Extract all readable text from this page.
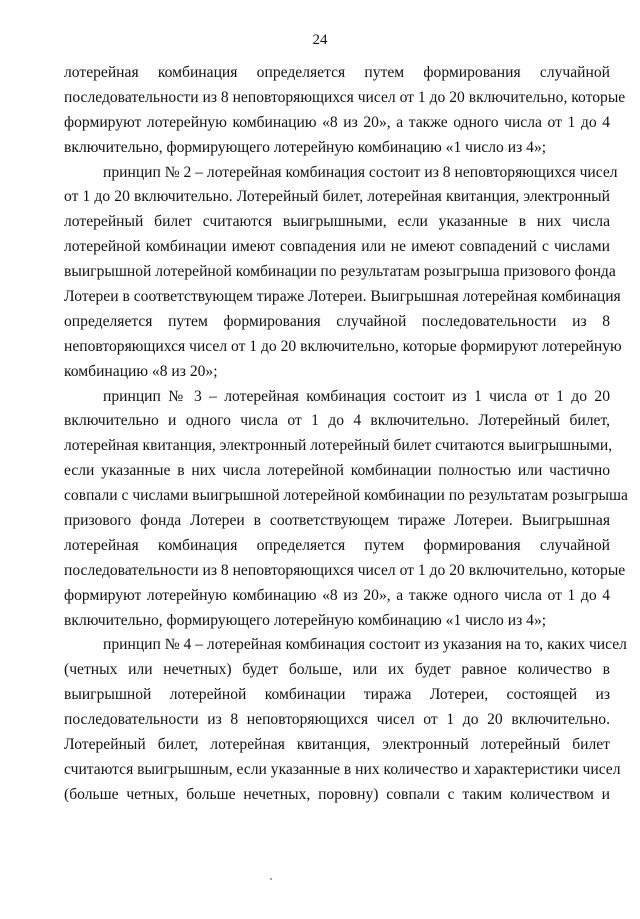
24
лотерейная комбинация определяется путем формирования случайной
последовательности из 8 неповторяющихся чисел от 1 до 20 включительно, которые
формируют лотерейную комбинацию «8 из 20», а также одного числа от 1 до 4
включительно, формирующего лотерейную комбинацию «1 число из 4»;
принцип № 2 – лотерейная комбинация состоит из 8 неповторяющихся чисел
от 1 до 20 включительно. Лотерейный билет, лотерейная квитанция, электронный
лотерейный билет считаются выигрышными, если указанные в них числа
лотерейной комбинации имеют совпадения или не имеют совпадений с числами
выигрышной лотерейной комбинации по результатам розыгрыша призового фонда
Лотереи в соответствующем тираже Лотереи. Выигрышная лотерейная комбинация
определяется путем формирования случайной последовательности из 8
неповторяющихся чисел от 1 до 20 включительно, которые формируют лотерейную
комбинацию «8 из 20»;
принцип № 3 – лотерейная комбинация состоит из 1 числа от 1 до 20
включительно и одного числа от 1 до 4 включительно. Лотерейный билет,
лотерейная квитанция, электронный лотерейный билет считаются выигрышными,
если указанные в них числа лотерейной комбинации полностью или частично
совпали с числами выигрышной лотерейной комбинации по результатам розыгрыша
призового фонда Лотереи в соответствующем тираже Лотереи. Выигрышная
лотерейная комбинация определяется путем формирования случайной
последовательности из 8 неповторяющихся чисел от 1 до 20 включительно, которые
формируют лотерейную комбинацию «8 из 20», а также одного числа от 1 до 4
включительно, формирующего лотерейную комбинацию «1 число из 4»;
принцип № 4 – лотерейная комбинация состоит из указания на то, каких чисел
(четных или нечетных) будет больше, или их будет равное количество в
выигрышной лотерейной комбинации тиража Лотереи, состоящей из
последовательности из 8 неповторяющихся чисел от 1 до 20 включительно.
Лотерейный билет, лотерейная квитанция, электронный лотерейный билет
считаются выигрышным, если указанные в них количество и характеристики чисел
(больше четных, больше нечетных, поровну) совпали с таким количеством и
